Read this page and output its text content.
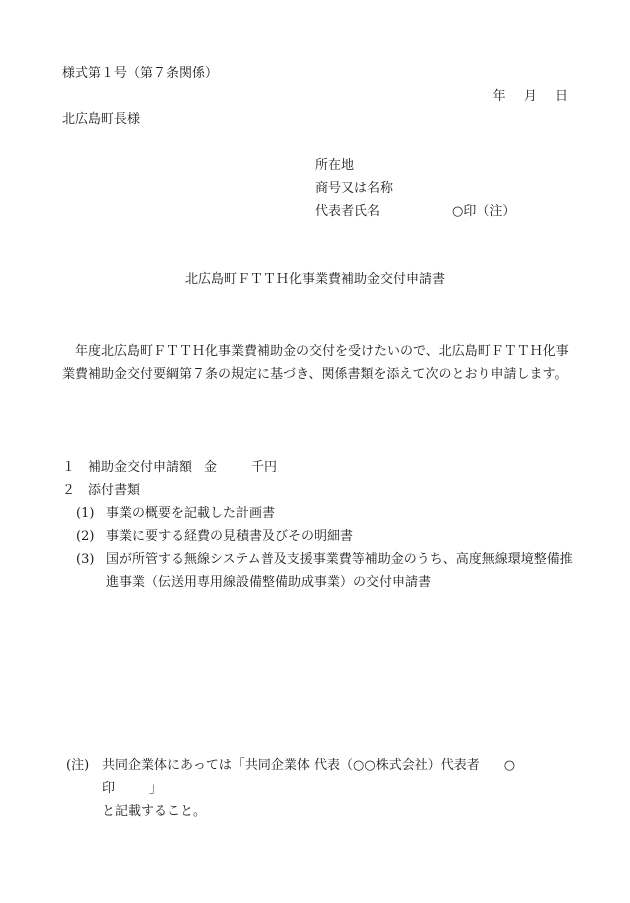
様式第１号（第７条関係）
年 月 日
北広島町長様
所在地
商号又は名称
代表者氏名	○印（注）
北広島町ＦＴＴＨ化事業費補助金交付申請書
年度北広島町ＦＴＴＨ化事業費補助金の交付を受けたいので、北広島町ＦＴＴＨ化事業費補助金交付要綱第７条の規定に基づき、関係書類を添えて次のとおり申請します。
１ 補助金交付申請額 金	千円
２ 添付書類
(1) 事業の概要を記載した計画書
(2) 事業に要する経費の見積書及びその明細書
(3) 国が所管する無線システム普及支援事業費等補助金のうち、高度無線環境整備推進事業（伝送用専用線設備整備助成事業）の交付申請書
(注) 共同企業体にあっては「共同企業体 代表（○○株式会社）代表者 ○印	」
と記載すること。
